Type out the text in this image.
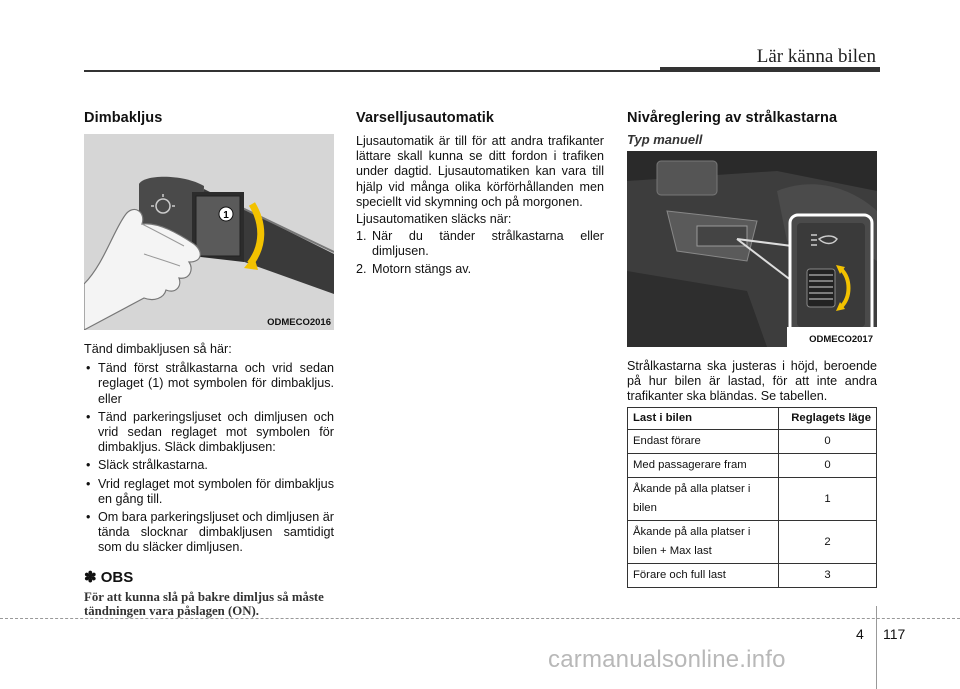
Lär känna bilen
Dimbakljus
1
ODMECO2016

Tänd dimbakljusen så här:

• Tänd först strålkastarna och vrid sedan reglaget (1) mot symbolen för dimbakljus. eller
• Tänd parkeringsljuset och dimljusen och vrid sedan reglaget mot symbolen för dimbakljus. Släck dimbakljusen:
• Släck strålkastarna.
• Vrid reglaget mot symbolen för dimbakljus en gång till.
• Om bara parkeringsljuset och dimljusen är tända slocknar dimbakljusen samtidigt som du släcker dimljusen.
✽ OBS
För att kunna slå på bakre dimljus så måste tändningen vara påslagen (ON).
Varselljusautomatik

Ljusautomatik är till för att andra trafikanter lättare skall kunna se ditt fordon i trafiken under dagtid. Ljusautomatiken kan vara till hjälp vid många olika körförhållanden men speciellt vid skymning och på morgonen.

Ljusautomatiken släcks när:

1. När du tänder strålkastarna eller dimljusen.
2. Motorn stängs av.
Nivåreglering av strålkastarna
Typ manuell
ODMECO2017

Strålkastarna ska justeras i höjd, beroende på hur bilen är lastad, för att inte andra trafikanter ska bländas. Se tabellen.

Last i bilen	Reglagets läge
Endast förare	0
Med passagerare fram	0

Åkande på alla platser i
bilen	1

Åkande på alla platser i
bilen + Max last	2
Förare och full last	3
4 117
carmanualsonline.info
